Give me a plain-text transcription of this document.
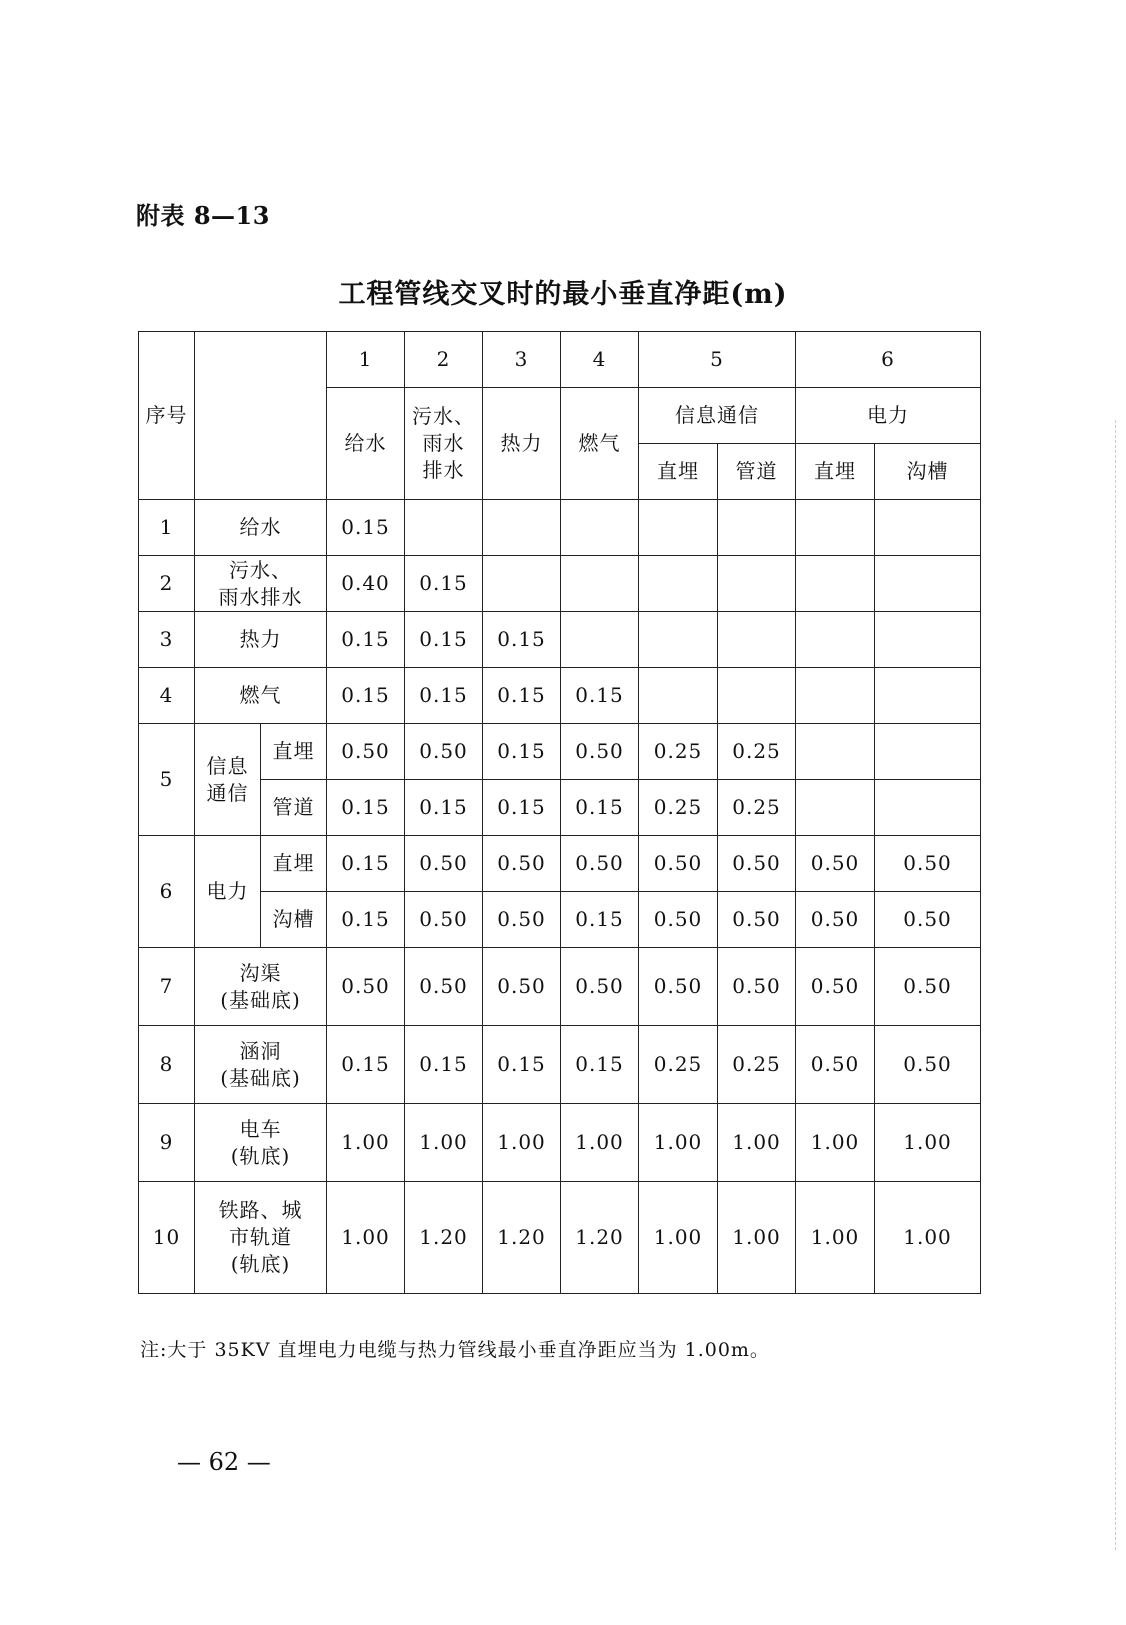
附表 8—13
工程管线交叉时的最小垂直净距(m)
序号			1	2	3	4	5		6	
			给水	污水、
雨水
排水	热力	燃气	信息通信		电力	
							直埋	管道	直埋	沟槽
1	给水		0.15							
2	污水、
雨水排水		0.40	0.15						
3	热力		0.15	0.15	0.15					
4	燃气		0.15	0.15	0.15	0.15				
5	信息
通信	直埋	0.50	0.50	0.15	0.50	0.25	0.25		
		管道	0.15	0.15	0.15	0.15	0.25	0.25		
6	电力	直埋	0.15	0.50	0.50	0.50	0.50	0.50	0.50	0.50
		沟槽	0.15	0.50	0.50	0.15	0.50	0.50	0.50	0.50
7	沟渠
(基础底)		0.50	0.50	0.50	0.50	0.50	0.50	0.50	0.50
8	涵洞
(基础底)		0.15	0.15	0.15	0.15	0.25	0.25	0.50	0.50
9	电车
(轨底)		1.00	1.00	1.00	1.00	1.00	1.00	1.00	1.00
10	铁路、城
市轨道
(轨底)		1.00	1.20	1.20	1.20	1.00	1.00	1.00	1.00
注:大于 35KV 直埋电力电缆与热力管线最小垂直净距应当为 1.00m。
— 62 —
